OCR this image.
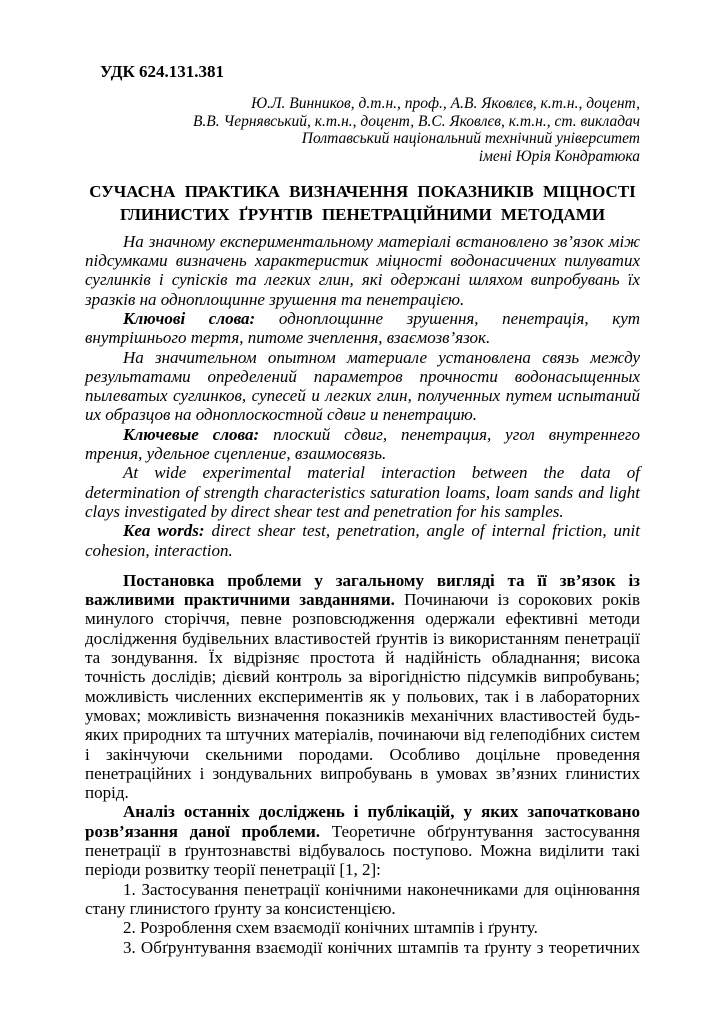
УДК 624.131.381
Ю.Л. Винников, д.т.н., проф., А.В. Яковлєв, к.т.н., доцент,
В.В. Чернявський, к.т.н., доцент, В.С. Яковлєв, к.т.н., ст. викладач
Полтавський національний технічний університет
імені Юрія Кондратюка
СУЧАСНА ПРАКТИКА ВИЗНАЧЕННЯ ПОКАЗНИКІВ МІЦНОСТІ
ГЛИНИСТИХ ҐРУНТІВ ПЕНЕТРАЦІЙНИМИ МЕТОДАМИ

На значному експериментальному матеріалі встановлено зв’язок між підсумками визначень характеристик міцності водонасичених пилуватих суглинків і супісків та легких глин, які одержані шляхом випробувань їх зразків на одноплощинне зрушення та пенетрацією.

Ключові слова: одноплощинне зрушення, пенетрація, кут внутрішнього тертя, питоме зчеплення, взаємозв’язок.

На значительном опытном материале установлена связь между результатами определений параметров прочности водонасыщенных пылеватых суглинков, супесей и легких глин, полученных путем испытаний их образцов на одноплоскостной сдвиг и пенетрацию.

Ключевые слова: плоский сдвиг, пенетрация, угол внутреннего трения, удельное сцепление, взаимосвязь.

At wide experimental material interaction between the data of determination of strength characteristics saturation loams, loam sands and light clays investigated by direct shear test and penetration for his samples.

Kea words: direct shear test, penetration, angle of internal friction, unit cohesion, interaction.

Постановка проблеми у загальному вигляді та її зв’язок із важливими практичними завданнями. Починаючи із сорокових років минулого сторіччя, певне розповсюдження одержали ефективні методи дослідження будівельних властивостей ґрунтів із використанням пенетрації та зондування. Їх відрізняє простота й надійність обладнання; висока точність дослідів; дієвий контроль за вірогідністю підсумків випробувань; можливість численних експериментів як у польових, так і в лабораторних умовах; можливість визначення показників механічних властивостей будь-яких природних та штучних матеріалів, починаючи від гелеподібних систем і закінчуючи скельними породами. Особливо доцільне проведення пенетраційних і зондувальних випробувань в умовах зв’язних глинистих порід.

Аналіз останніх досліджень і публікацій, у яких започатковано розв’язання даної проблеми. Теоретичне обґрунтування застосування пенетрації в ґрунтознавстві відбувалось поступово. Можна виділити такі періоди розвитку теорії пенетрації [1, 2]:

1. Застосування пенетрації конічними наконечниками для оцінювання стану глинистого ґрунту за консистенцією.

2. Розроблення схем взаємодії конічних штампів і ґрунту.

3. Обґрунтування взаємодії конічних штампів та ґрунту з теоретичних
